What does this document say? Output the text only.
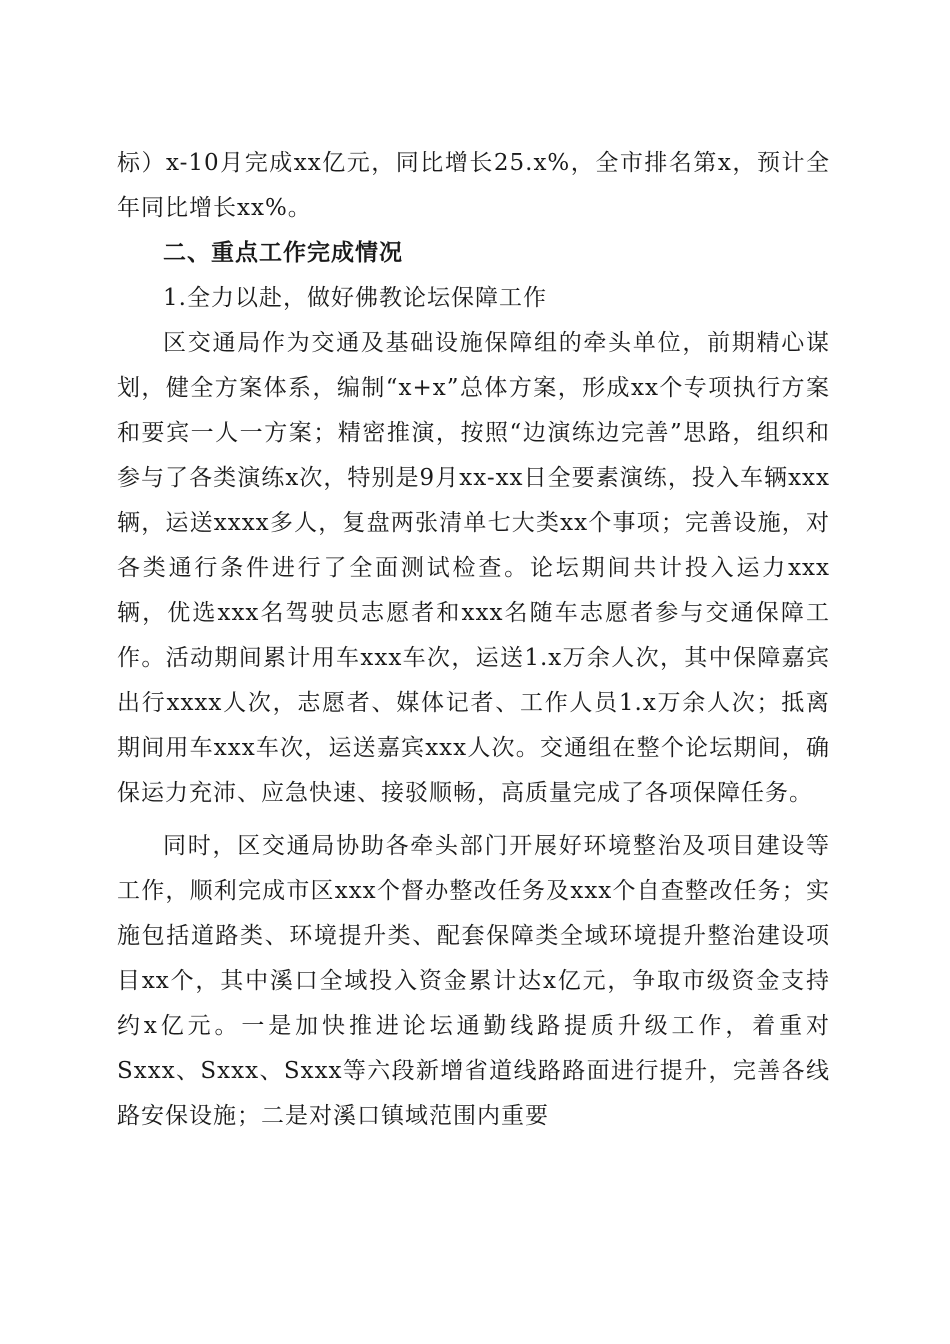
标）x-10月完成xx亿元，同比增长25.x%，全市排名第x，预计全年同比增长xx%。

二、重点工作完成情况

1.全力以赴，做好佛教论坛保障工作

区交通局作为交通及基础设施保障组的牵头单位，前期精心谋划，健全方案体系，编制“x+x”总体方案，形成xx个专项执行方案和要宾一人一方案；精密推演，按照“边演练边完善”思路，组织和参与了各类演练x次，特别是9月xx-xx日全要素演练，投入车辆xxx辆，运送xxxx多人，复盘两张清单七大类xx个事项；完善设施，对各类通行条件进行了全面测试检查。论坛期间共计投入运力xxx辆，优选xxx名驾驶员志愿者和xxx名随车志愿者参与交通保障工作。活动期间累计用车xxx车次，运送1.x万余人次，其中保障嘉宾出行xxxx人次，志愿者、媒体记者、工作人员1.x万余人次；抵离期间用车xxx车次，运送嘉宾xxx人次。交通组在整个论坛期间，确保运力充沛、应急快速、接驳顺畅，高质量完成了各项保障任务。

同时，区交通局协助各牵头部门开展好环境整治及项目建设等工作，顺利完成市区xxx个督办整改任务及xxx个自查整改任务；实施包括道路类、环境提升类、配套保障类全域环境提升整治建设项目xx个，其中溪口全域投入资金累计达x亿元，争取市级资金支持约x亿元。一是加快推进论坛通勤线路提质升级工作，着重对Sxxx、Sxxx、Sxxx等六段新增省道线路路面进行提升，完善各线路安保设施；二是对溪口镇域范围内重要
